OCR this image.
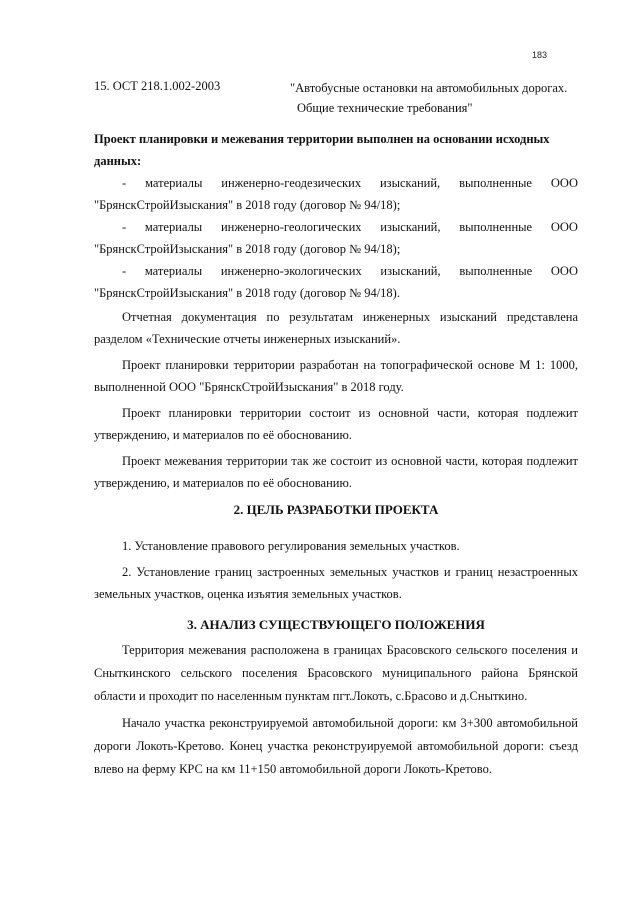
183
15. ОСТ 218.1.002-2003	"Автобусные остановки на автомобильных дорогах.
Общие технические требования"
Проект планировки и межевания территории выполнен на основании исходных
данных:
- материалы инженерно-геодезических изысканий, выполненные ООО
"БрянскСтройИзыскания" в 2018 году (договор № 94/18);
- материалы инженерно-геологических изысканий, выполненные ООО
"БрянскСтройИзыскания" в 2018 году (договор № 94/18);
- материалы инженерно-экологических изысканий, выполненные ООО
"БрянскСтройИзыскания" в 2018 году (договор № 94/18).
Отчетная документация по результатам инженерных изысканий представлена разделом «Технические отчеты инженерных изысканий».
Проект планировки территории разработан на топографической основе М 1: 1000, выполненной ООО "БрянскСтройИзыскания" в 2018 году.
Проект планировки территории состоит из основной части, которая подлежит утверждению, и материалов по её обоснованию.
Проект межевания территории так же состоит из основной части, которая подлежит утверждению, и материалов по её обоснованию.
2. ЦЕЛЬ РАЗРАБОТКИ ПРОЕКТА
1. Установление правового регулирования земельных участков.
2. Установление границ застроенных земельных участков и границ незастроенных земельных участков, оценка изъятия земельных участков.
3. АНАЛИЗ СУЩЕСТВУЮЩЕГО ПОЛОЖЕНИЯ
Территория межевания расположена в границах Брасовского сельского поселения и Сныткинского сельского поселения Брасовского муниципального района Брянской области и проходит по населенным пунктам пгт.Локоть, с.Брасово и д.Сныткино.
Начало участка реконструируемой автомобильной дороги: км 3+300 автомобильной дороги Локоть-Кретово. Конец участка реконструируемой автомобильной дороги: съезд влево на ферму КРС на км 11+150 автомобильной дороги Локоть-Кретово.
